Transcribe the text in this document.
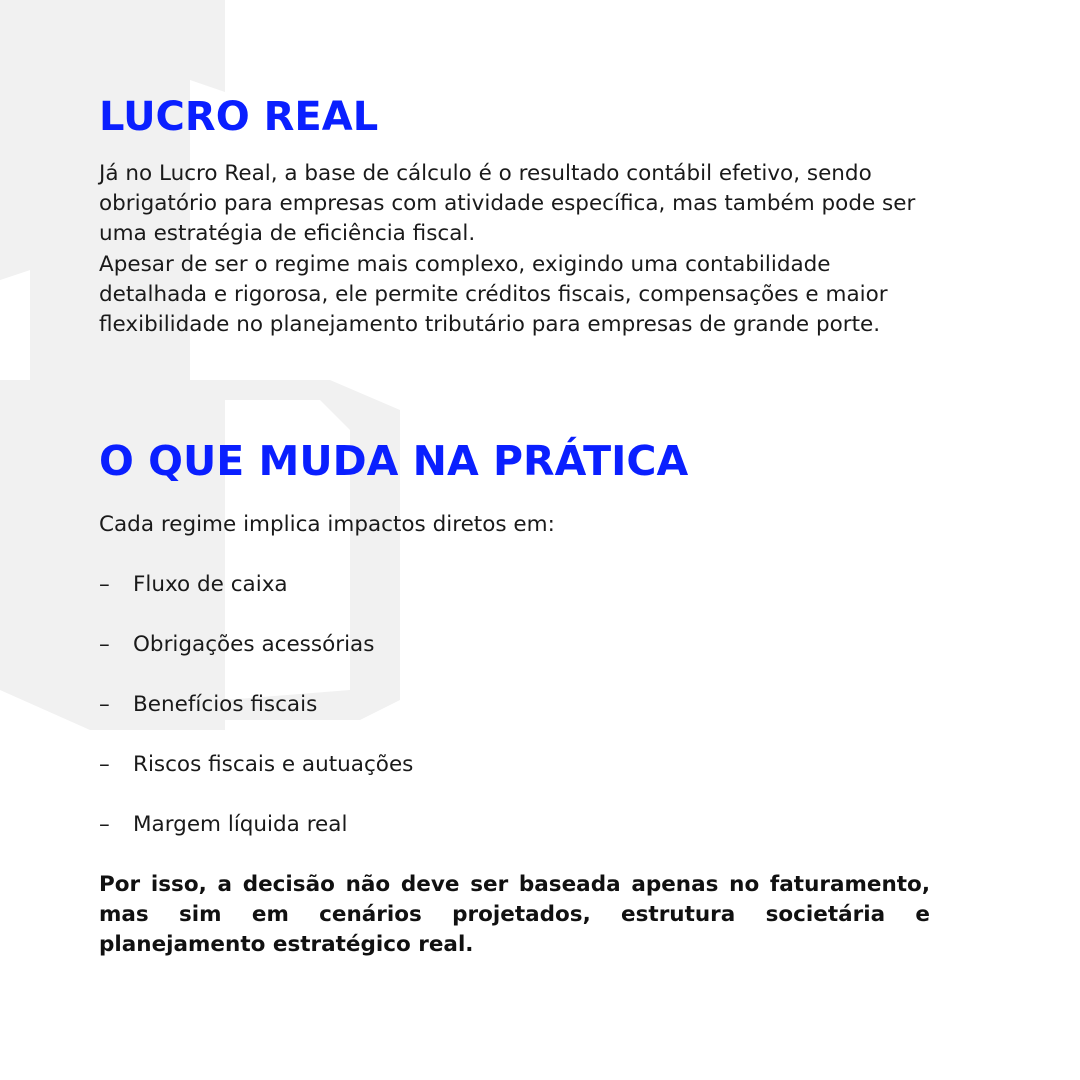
LUCRO REAL

Já no Lucro Real, a base de cálculo é o resultado contábil efetivo, sendo obrigatório para empresas com atividade específica, mas também pode ser uma estratégia de eficiência fiscal.
Apesar de ser o regime mais complexo, exigindo uma contabilidade detalhada e rigorosa, ele permite créditos fiscais, compensações e maior flexibilidade no planejamento tributário para empresas de grande porte.

O QUE MUDA NA PRÁTICA

Cada regime implica impactos diretos em:

–	Fluxo de caixa
–	Obrigações acessórias
–	Benefícios fiscais
–	Riscos fiscais e autuações
–	Margem líquida real

Por isso, a decisão não deve ser baseada apenas no faturamento, mas sim em cenários projetados, estrutura societária e planejamento estratégico real.
